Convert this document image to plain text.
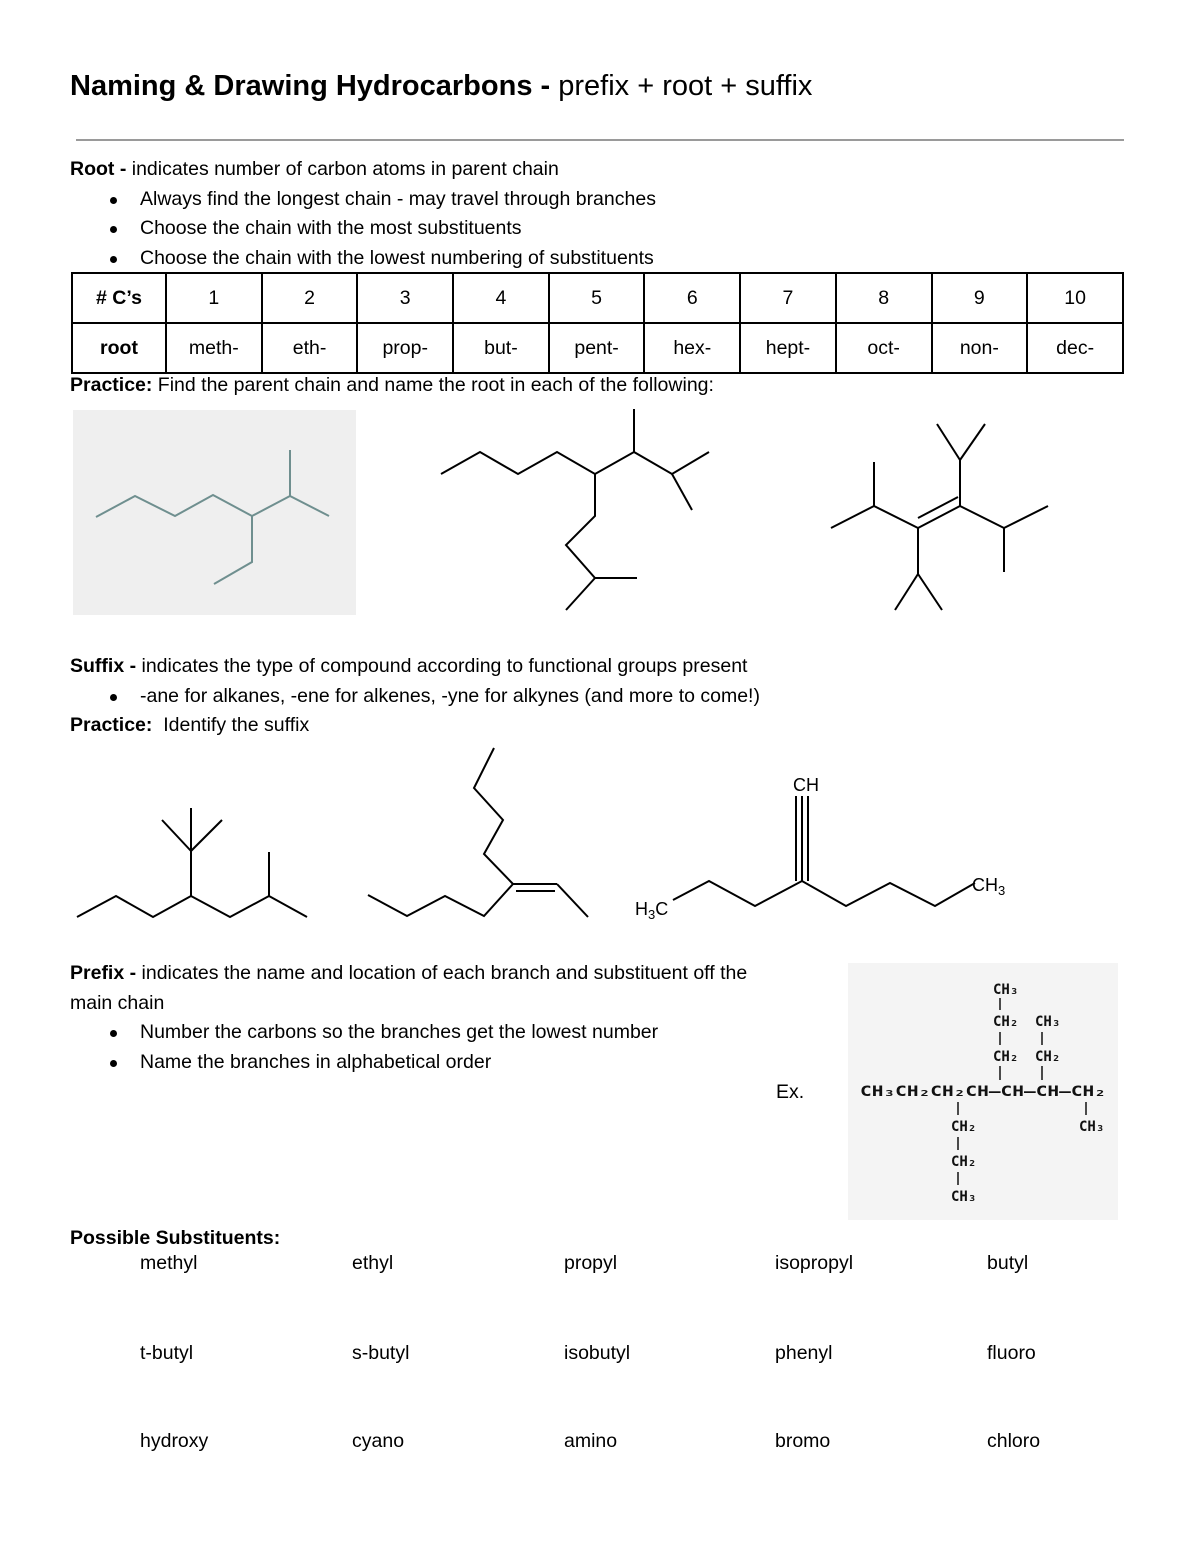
Naming & Drawing Hydrocarbons - prefix + root + suffix
Root - indicates number of carbon atoms in parent chain
Always find the longest chain - may travel through branches
Choose the chain with the most substituents
Choose the chain with the lowest numbering of substituents
# C’s	1	2	3	4	5	6	7	8	9	10
root	meth-	eth-	prop-	but-	pent-	hex-	hept-	oct-	non-	dec-
Practice: Find the parent chain and name the root in each of the following:
Suffix - indicates the type of compound according to functional groups present
-ane for alkanes, -ene for alkenes, -yne for alkynes (and more to come!)
Practice:  Identify the suffix
CH
$H_3C$
$CH_3$
Prefix - indicates the name and location of each branch and substituent off the
main chain
Number the carbons so the branches get the lowest number
Name the branches in alphabetical order
Ex.
CH₃
CH₂ CH₃
CH₂ CH₂
CH₃CH₂CH₂CH—CH—CH—CH₂
CH₃
CH₂
CH₂
CH₃
Possible Substituents:
methyl	ethyl	propyl	isopropyl	butyl
t-butyl	s-butyl	isobutyl	phenyl	fluoro
hydroxy	cyano	amino	bromo	chloro
